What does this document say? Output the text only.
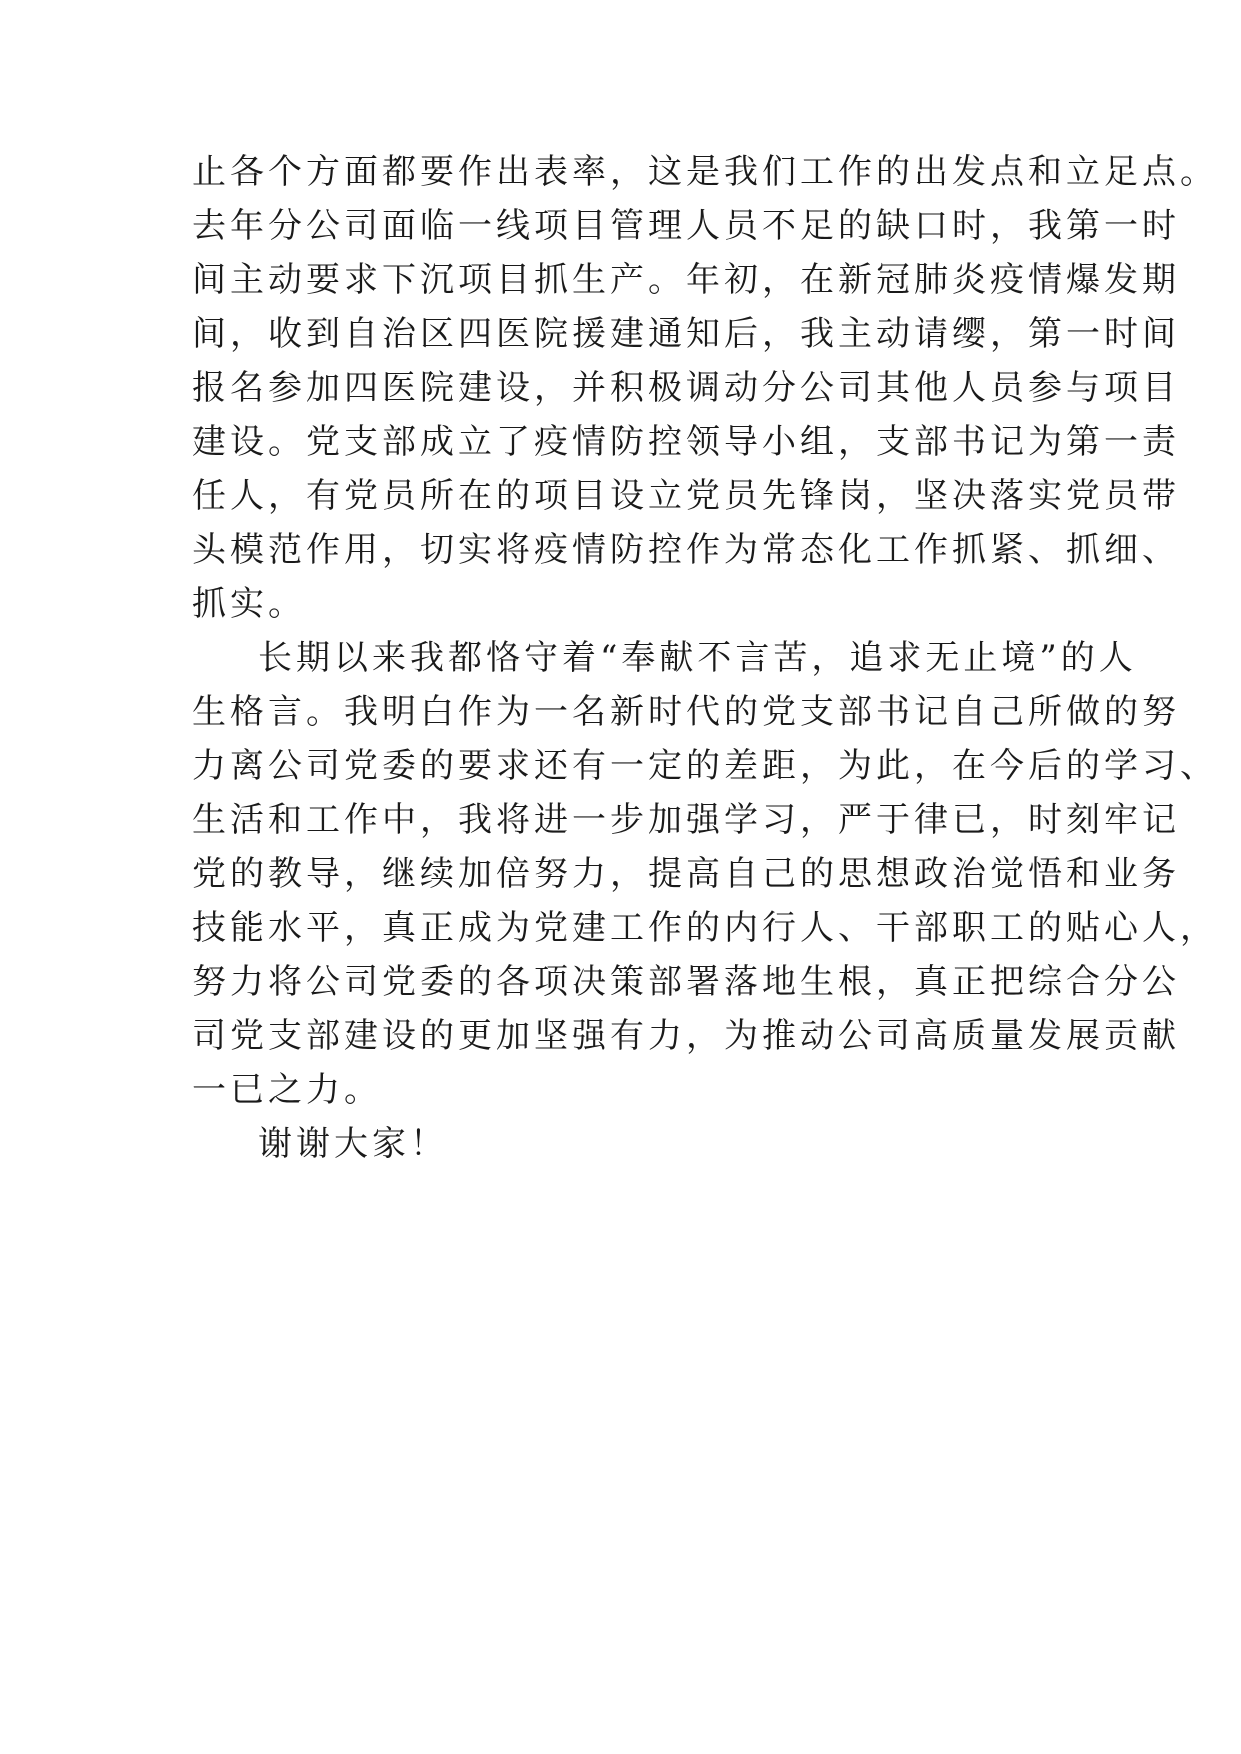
止各个方面都要作出表率，这是我们工作的出发点和立足点。
去年分公司面临一线项目管理人员不足的缺口时，我第一时
间主动要求下沉项目抓生产。年初，在新冠肺炎疫情爆发期
间，收到自治区四医院援建通知后，我主动请缨，第一时间
报名参加四医院建设，并积极调动分公司其他人员参与项目
建设。党支部成立了疫情防控领导小组，支部书记为第一责
任人，有党员所在的项目设立党员先锋岗，坚决落实党员带
头模范作用，切实将疫情防控作为常态化工作抓紧、抓细、
抓实。
长期以来我都恪守着“奉献不言苦，追求无止境”的人
生格言。我明白作为一名新时代的党支部书记自己所做的努
力离公司党委的要求还有一定的差距，为此，在今后的学习、
生活和工作中，我将进一步加强学习，严于律已，时刻牢记
党的教导，继续加倍努力，提高自己的思想政治觉悟和业务
技能水平，真正成为党建工作的内行人、干部职工的贴心人，
努力将公司党委的各项决策部署落地生根，真正把综合分公
司党支部建设的更加坚强有力，为推动公司高质量发展贡献
一已之力。
谢谢大家！
